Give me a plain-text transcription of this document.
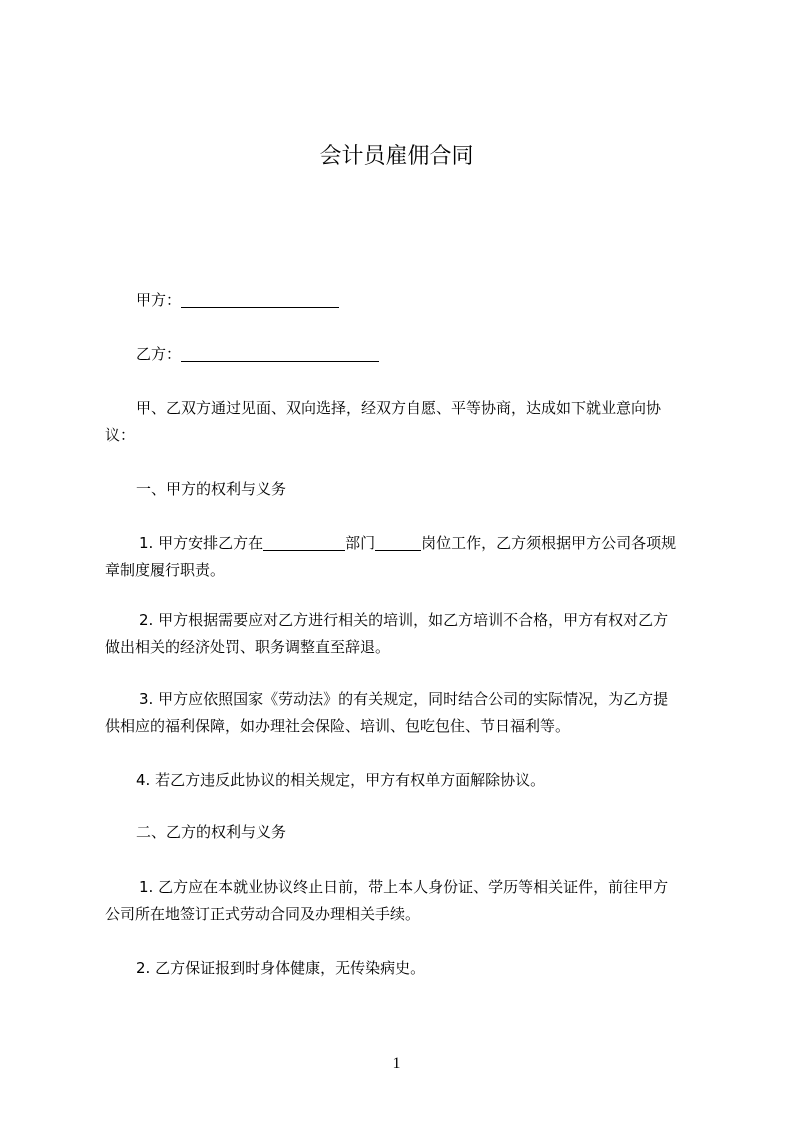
会计员雇佣合同
甲方：
乙方：
甲、乙双方通过见面、双向选择，经双方自愿、平等协商，达成如下就业意向协
议：
一、甲方的权利与义务
1. 甲方安排乙方在	部门	岗位工作，乙方须根据甲方公司各项规
章制度履行职责。
2. 甲方根据需要应对乙方进行相关的培训，如乙方培训不合格，甲方有权对乙方
做出相关的经济处罚、职务调整直至辞退。
3. 甲方应依照国家《劳动法》的有关规定，同时结合公司的实际情况，为乙方提
供相应的福利保障，如办理社会保险、培训、包吃包住、节日福利等。
4. 若乙方违反此协议的相关规定，甲方有权单方面解除协议。
二、乙方的权利与义务
1. 乙方应在本就业协议终止日前，带上本人身份证、学历等相关证件，前往甲方
公司所在地签订正式劳动合同及办理相关手续。
2. 乙方保证报到时身体健康，无传染病史。
1
